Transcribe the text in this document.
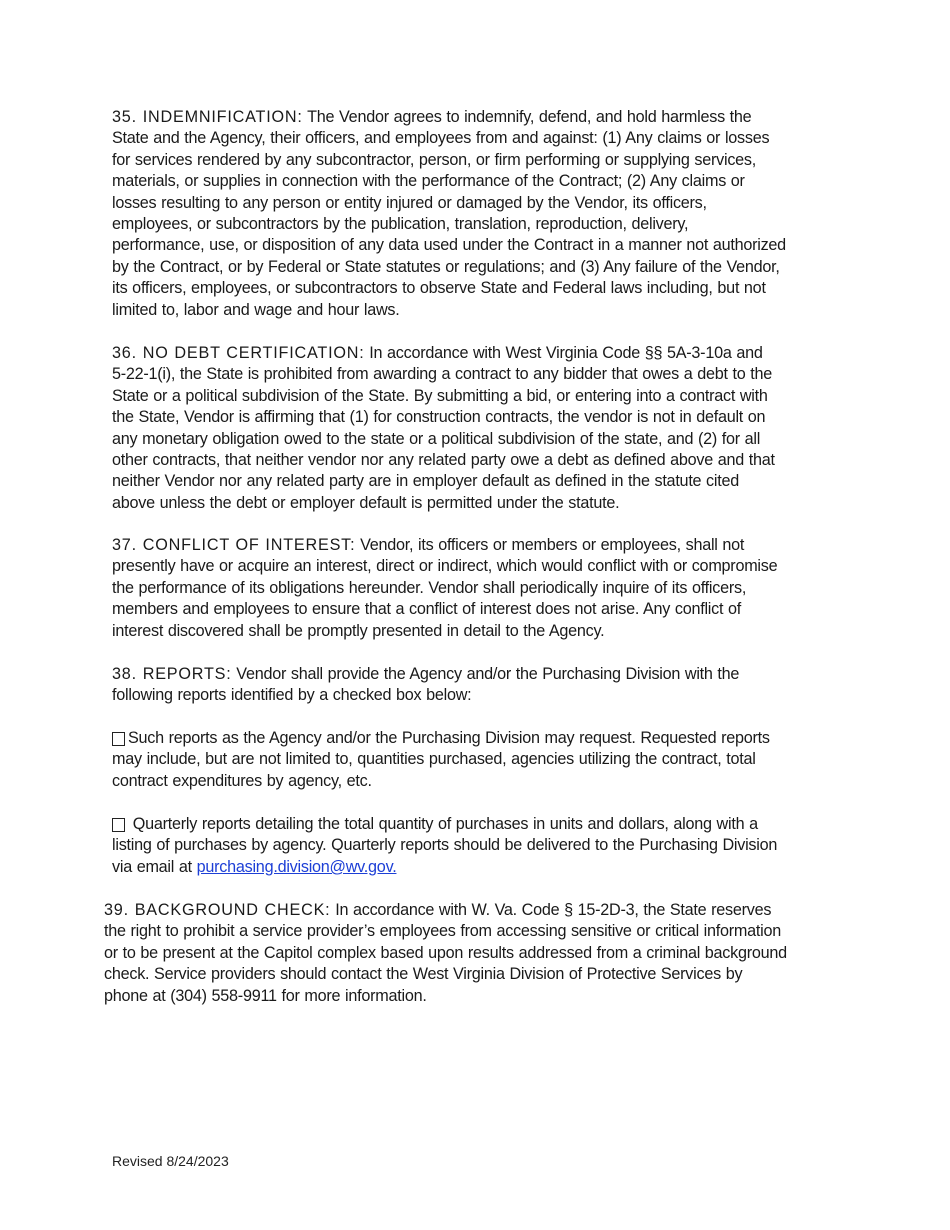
35. INDEMNIFICATION: The Vendor agrees to indemnify, defend, and hold harmless the
State and the Agency, their officers, and employees from and against: (1) Any claims or losses
for services rendered by any subcontractor, person, or firm performing or supplying services,
materials, or supplies in connection with the performance of the Contract; (2) Any claims or
losses resulting to any person or entity injured or damaged by the Vendor, its officers,
employees, or subcontractors by the publication, translation, reproduction, delivery,
performance, use, or disposition of any data used under the Contract in a manner not authorized
by the Contract, or by Federal or State statutes or regulations; and (3) Any failure of the Vendor,
its officers, employees, or subcontractors to observe State and Federal laws including, but not
limited to, labor and wage and hour laws.
36. NO DEBT CERTIFICATION: In accordance with West Virginia Code §§ 5A-3-10a and
5-22-1(i), the State is prohibited from awarding a contract to any bidder that owes a debt to the
State or a political subdivision of the State. By submitting a bid, or entering into a contract with
the State, Vendor is affirming that (1) for construction contracts, the vendor is not in default on
any monetary obligation owed to the state or a political subdivision of the state, and (2) for all
other contracts, that neither vendor nor any related party owe a debt as defined above and that
neither Vendor nor any related party are in employer default as defined in the statute cited
above unless the debt or employer default is permitted under the statute.
37. CONFLICT OF INTEREST: Vendor, its officers or members or employees, shall not
presently have or acquire an interest, direct or indirect, which would conflict with or compromise
the performance of its obligations hereunder. Vendor shall periodically inquire of its officers,
members and employees to ensure that a conflict of interest does not arise. Any conflict of
interest discovered shall be promptly presented in detail to the Agency.
38. REPORTS: Vendor shall provide the Agency and/or the Purchasing Division with the
following reports identified by a checked box below:
Such reports as the Agency and/or the Purchasing Division may request. Requested reports
may include, but are not limited to, quantities purchased, agencies utilizing the contract, total
contract expenditures by agency, etc.
Quarterly reports detailing the total quantity of purchases in units and dollars, along with a
listing of purchases by agency. Quarterly reports should be delivered to the Purchasing Division
via email at purchasing.division@wv.gov.
39. BACKGROUND CHECK: In accordance with W. Va. Code § 15-2D-3, the State reserves
the right to prohibit a service provider’s employees from accessing sensitive or critical information
or to be present at the Capitol complex based upon results addressed from a criminal background
check. Service providers should contact the West Virginia Division of Protective Services by
phone at (304) 558-9911 for more information.
Revised 8/24/2023
